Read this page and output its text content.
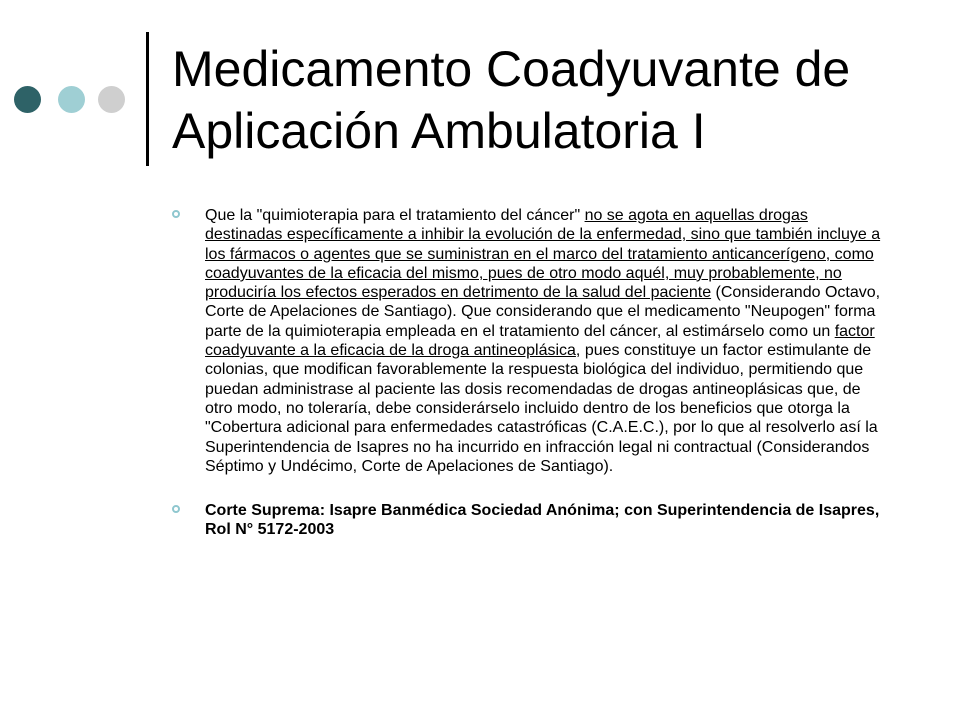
Medicamento Coadyuvante de Aplicación Ambulatoria I
Que la "quimioterapia para el tratamiento del cáncer" no se agota en aquellas drogas destinadas específicamente a inhibir la evolución de la enfermedad, sino que también incluye a los fármacos o agentes que se suministran en el marco del tratamiento anticancerígeno, como coadyuvantes de la eficacia del mismo, pues de otro modo aquél, muy probablemente, no produciría los efectos esperados en detrimento de la salud del paciente (Considerando Octavo, Corte de Apelaciones de Santiago). Que considerando que el medicamento "Neupogen" forma parte de la quimioterapia empleada en el tratamiento del cáncer, al estimárselo como un factor coadyuvante a la eficacia de la droga antineoplásica, pues constituye un factor estimulante de colonias, que modifican favorablemente la respuesta biológica del individuo, permitiendo que puedan administrase al paciente las dosis recomendadas de drogas antineoplásicas que, de otro modo, no toleraría, debe considerárselo incluido dentro de los beneficios que otorga la "Cobertura adicional para enfermedades catastróficas (C.A.E.C.), por lo que al resolverlo así la Superintendencia de Isapres no ha incurrido en infracción legal ni contractual (Considerandos Séptimo y Undécimo, Corte de Apelaciones de Santiago).
Corte Suprema: Isapre Banmédica Sociedad Anónima; con Superintendencia de Isapres, Rol N° 5172-2003
